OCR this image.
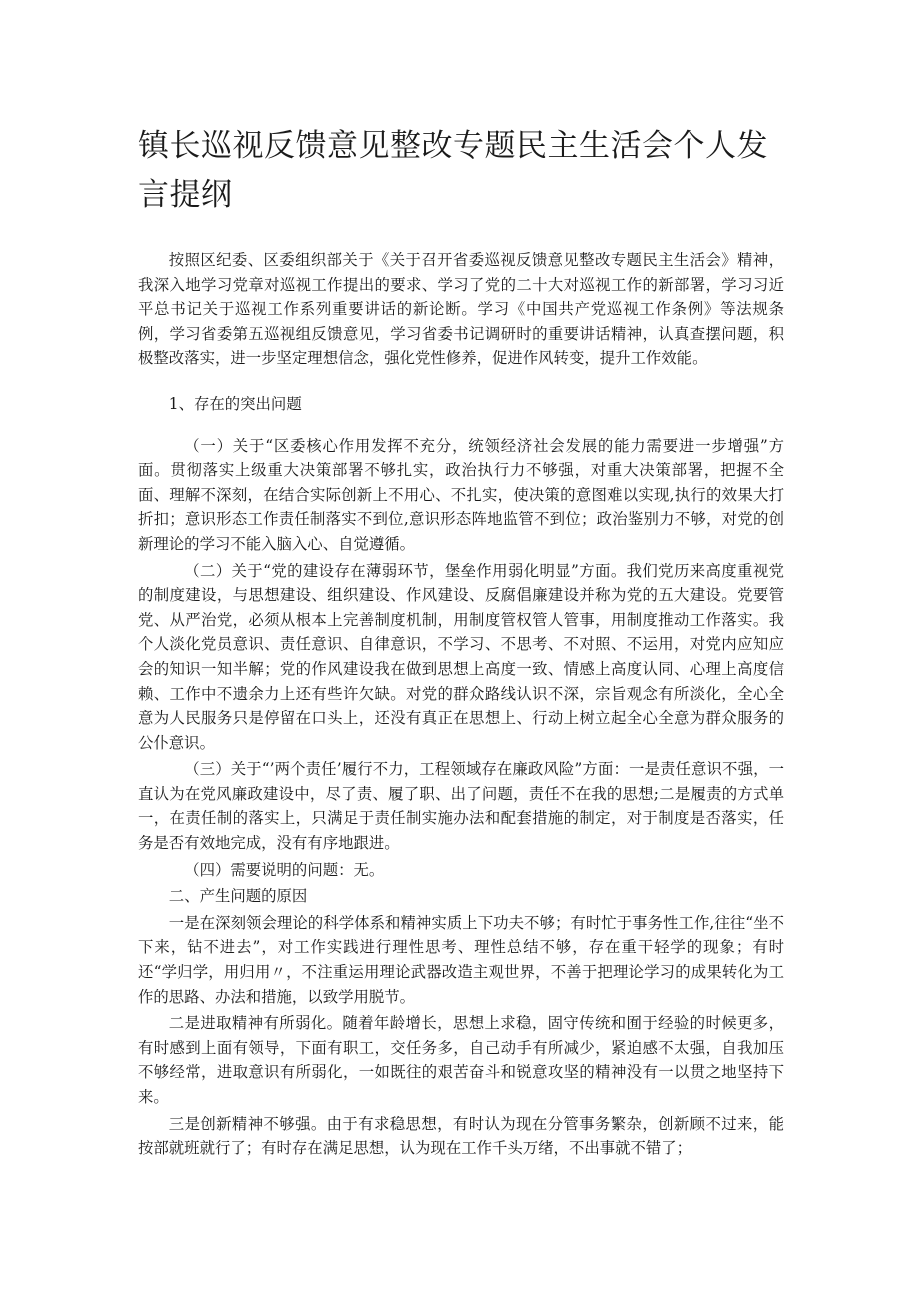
镇长巡视反馈意见整改专题民主生活会个人发言提纲

按照区纪委、区委组织部关于《关于召开省委巡视反馈意见整改专题民主生活会》精神，我深入地学习党章对巡视工作提出的要求、学习了党的二十大对巡视工作的新部署，学习习近平总书记关于巡视工作系列重要讲话的新论断。学习《中国共产党巡视工作条例》等法规条例，学习省委第五巡视组反馈意见，学习省委书记调研时的重要讲话精神，认真查摆问题，积极整改落实，进一步坚定理想信念，强化党性修养，促进作风转变，提升工作效能。

1、存在的突出问题

（一）关于“区委核心作用发挥不充分，统领经济社会发展的能力需要进一步增强”方面。贯彻落实上级重大决策部署不够扎实，政治执行力不够强，对重大决策部署，把握不全面、理解不深刻，在结合实际创新上不用心、不扎实，使决策的意图难以实现,执行的效果大打折扣；意识形态工作责任制落实不到位,意识形态阵地监管不到位；政治鉴别力不够，对党的创新理论的学习不能入脑入心、自觉遵循。

（二）关于“党的建设存在薄弱环节，堡垒作用弱化明显”方面。我们党历来高度重视党的制度建设，与思想建设、组织建设、作风建设、反腐倡廉建设并称为党的五大建设。党要管党、从严治党，必须从根本上完善制度机制，用制度管权管人管事，用制度推动工作落实。我个人淡化党员意识、责任意识、自律意识，不学习、不思考、不对照、不运用，对党内应知应会的知识一知半解；党的作风建设我在做到思想上高度一致、情感上高度认同、心理上高度信赖、工作中不遗余力上还有些许欠缺。对党的群众路线认识不深，宗旨观念有所淡化，全心全意为人民服务只是停留在口头上，还没有真正在思想上、行动上树立起全心全意为群众服务的公仆意识。

（三）关于“’两个责任’履行不力，工程领域存在廉政风险”方面：一是责任意识不强，一直认为在党风廉政建设中，尽了责、履了职、出了问题，责任不在我的思想;二是履责的方式单一，在责任制的落实上，只满足于责任制实施办法和配套措施的制定，对于制度是否落实，任务是否有效地完成，没有有序地跟进。

（四）需要说明的问题：无。

二、产生问题的原因

一是在深刻领会理论的科学体系和精神实质上下功夫不够；有时忙于事务性工作,往往“坐不下来，钻不进去”，对工作实践进行理性思考、理性总结不够，存在重干轻学的现象；有时还“学归学，用归用〃，不注重运用理论武器改造主观世界，不善于把理论学习的成果转化为工作的思路、办法和措施，以致学用脱节。

二是进取精神有所弱化。随着年龄增长，思想上求稳，固守传统和囿于经验的时候更多，有时感到上面有领导，下面有职工，交任务多，自己动手有所减少，紧迫感不太强，自我加压不够经常，进取意识有所弱化，一如既往的艰苦奋斗和锐意攻坚的精神没有一以贯之地坚持下来。

三是创新精神不够强。由于有求稳思想，有时认为现在分管事务繁杂，创新顾不过来，能按部就班就行了；有时存在满足思想，认为现在工作千头万绪，不出事就不错了；
